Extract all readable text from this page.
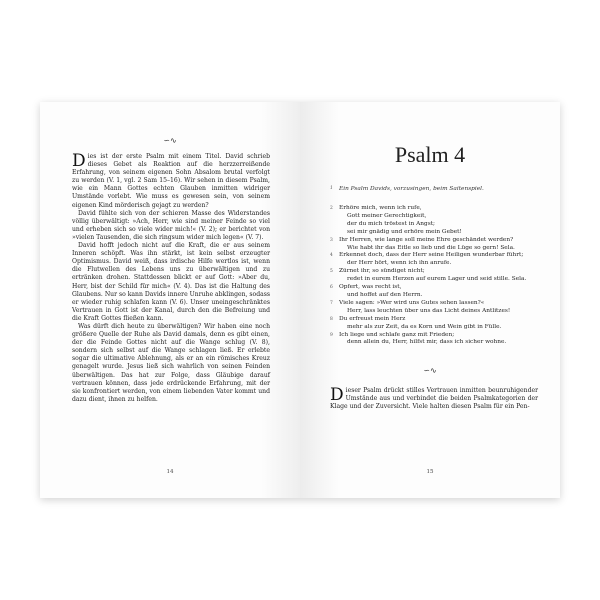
∽∿

Dies ist der erste Psalm mit einem Titel. David schrieb dieses Gebet als Reaktion auf die herzzerreißende Erfahrung, von seinem eigenen Sohn Absalom brutal verfolgt zu werden (V. 1, vgl. 2 Sam 15–16). Wir sehen in diesem Psalm, wie ein Mann Gottes echten Glauben inmitten widriger Umstände vorlebt. Wie muss es gewesen sein, von seinem eigenen Kind mörderisch gejagt zu werden?

David fühlte sich von der schieren Masse des Widerstandes völlig überwältigt: »Ach, Herr, wie sind meiner Feinde so viel und erheben sich so viele wider mich!« (V. 2); er berichtet von »vielen Tausenden, die sich ringsum wider mich legen« (V. 7).

David hofft jedoch nicht auf die Kraft, die er aus seinem Inneren schöpft. Was ihn stärkt, ist kein selbst erzeugter Optimismus. David weiß, dass irdische Hilfe wertlos ist, wenn die Flutwellen des Lebens uns zu überwältigen und zu ertränken drohen. Stattdessen blickt er auf Gott: »Aber du, Herr, bist der Schild für mich« (V. 4). Das ist die Haltung des Glaubens. Nur so kann Davids innere Unruhe abklingen, sodass er wieder ruhig schlafen kann (V. 6). Unser uneingeschränktes Vertrauen in Gott ist der Kanal, durch den die Befreiung und die Kraft Gottes fließen kann.

Was dürft dich heute zu überwältigen? Wir haben eine noch größere Quelle der Ruhe als David damals, denn es gibt einen, der die Feinde Gottes nicht auf die Wange schlug (V. 8), sondern sich selbst auf die Wange schlagen ließ. Er erlebte sogar die ultimative Ablehnung, als er an ein römisches Kreuz genagelt wurde. Jesus ließ sich wahrlich von seinen Feinden überwältigen. Das hat zur Folge, dass Gläubige darauf vertrauen können, dass jede erdrückende Erfahrung, mit der sie konfrontiert werden, von einem liebenden Vater kommt und dazu dient, ihnen zu helfen.

14
Psalm 4
1	Ein Psalm Davids, vorzusingen, beim Saitenspiel.
2	Erhöre mich, wenn ich rufe,
Gott meiner Gerechtigkeit,
der du mich tröstest in Angst;
sei mir gnädig und erhöre mein Gebet!
3	Ihr Herren, wie lange soll meine Ehre geschändet werden?
Wie habt ihr das Eitle so lieb und die Lüge so gern! Sela.
4	Erkennet doch, dass der Herr seine Heiligen wunderbar führt;
der Herr hört, wenn ich ihn anrufe.
5	Zürnet ihr, so sündiget nicht;
redet in eurem Herzen auf eurem Lager und seid stille. Sela.
6	Opfert, was recht ist,
und hoffet auf den Herrn.
7	Viele sagen: »Wer wird uns Gutes sehen lassen?«
Herr, lass leuchten über uns das Licht deines Antlitzes!
8	Du erfreust mein Herz
mehr als zur Zeit, da es Korn und Wein gibt in Fülle.
9	Ich liege und schlafe ganz mit Frieden;
denn allein du, Herr, hilfst mir, dass ich sicher wohne.
∽∿

Dieser Psalm drückt stilles Vertrauen inmitten beunruhigender Umstände aus und verbindet die beiden Psalmkategorien der Klage und der Zuversicht. Viele halten diesen Psalm für ein Pen-

15
